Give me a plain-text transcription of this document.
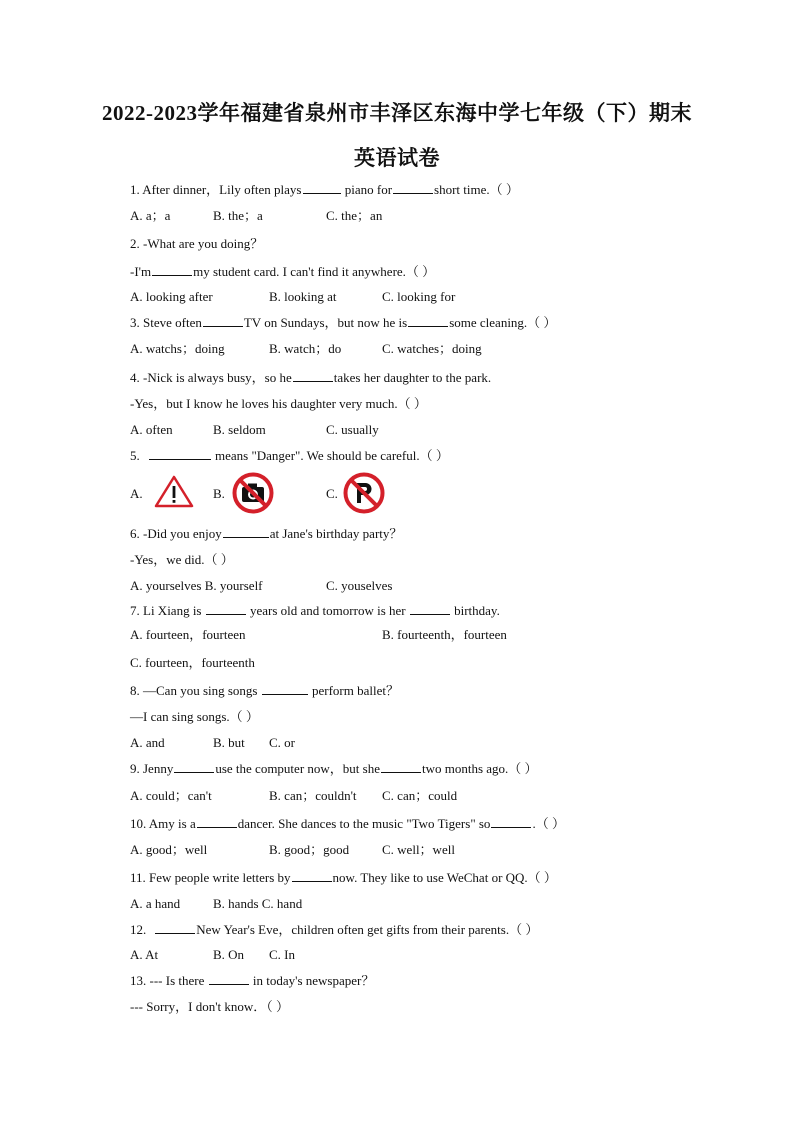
2022-2023学年福建省泉州市丰泽区东海中学七年级（下）期末
英语试卷
1. After dinner，Lily often plays	piano for	short time.（ ）
A. a；a	B. the；a	C. the；an
2. -What are you doing？
-I'm	my student card. I can't find it anywhere.（ ）
A. looking after	B. looking at	C. looking for
3. Steve often	TV on Sundays，but now he is	some cleaning.（ ）
A. watchs；doing	B. watch；do	C. watches；doing
4. -Nick is always busy，so he	takes her daughter to the park.
-Yes，but I know he loves his daughter very much.（ ）
A. often	B. seldom	C. usually
5.	means "Danger". We should be careful.（ ）
A.	B.	C.
6. -Did you enjoy	at Jane's birthday party？
-Yes，we did.（ ）
A. yourselves B. yourself	C. youselves
7. Li Xiang is	years old and tomorrow is her	birthday.
A. fourteen，fourteen	B. fourteenth，fourteen
C. fourteen，fourteenth
8. —Can you sing songs	perform ballet？
—I can sing songs.（ ）
A. and	B. but C. or
9. Jenny	use the computer now，but she	two months ago.（ ）
A. could；can't	B. can；couldn't C. can；could
10. Amy is a	dancer. She dances to the music "Two Tigers" so	.（ ）
A. good；well	B. good；good	C. well；well
11. Few people write letters by	now. They like to use WeChat or QQ.（ ）
A. a hand	B. hands C. hand
12.	New Year's Eve，children often get gifts from their parents.（ ）
A. At	B. On C. In
13. --- Is there	in today's newspaper？
--- Sorry，I don't know．（ ）
